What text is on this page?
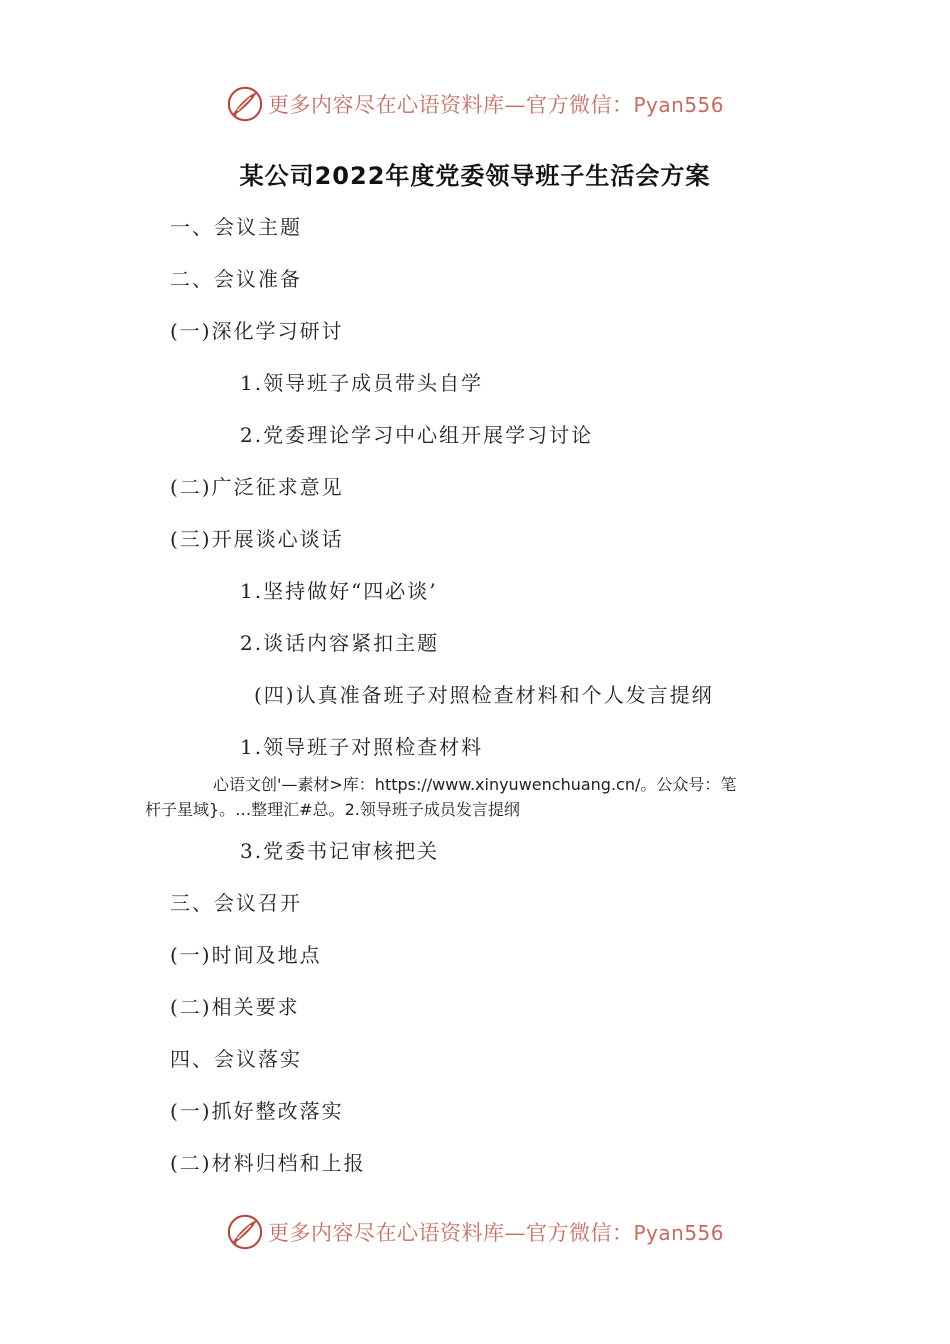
更多内容尽在心语资料库—官方微信：Pyan556
某公司2022年度党委领导班子生活会方案
一、会议主题
二、会议准备
(一)深化学习研讨
1.领导班子成员带头自学
2.党委理论学习中心组开展学习讨论
(二)广泛征求意见
(三)开展谈心谈话
1.坚持做好“四必谈’
2.谈话内容紧扣主题
(四)认真准备班子对照检查材料和个人发言提纲
1.领导班子对照检查材料
心语文创'—素材>库：https://www.xinyuwenchuang.cn/。公众号：笔
杆子星域}。…整理汇#总。2.领导班子成员发言提纲
3.党委书记审核把关
三、会议召开
(一)时间及地点
(二)相关要求
四、会议落实
(一)抓好整改落实
(二)材料归档和上报
更多内容尽在心语资料库—官方微信：Pyan556
